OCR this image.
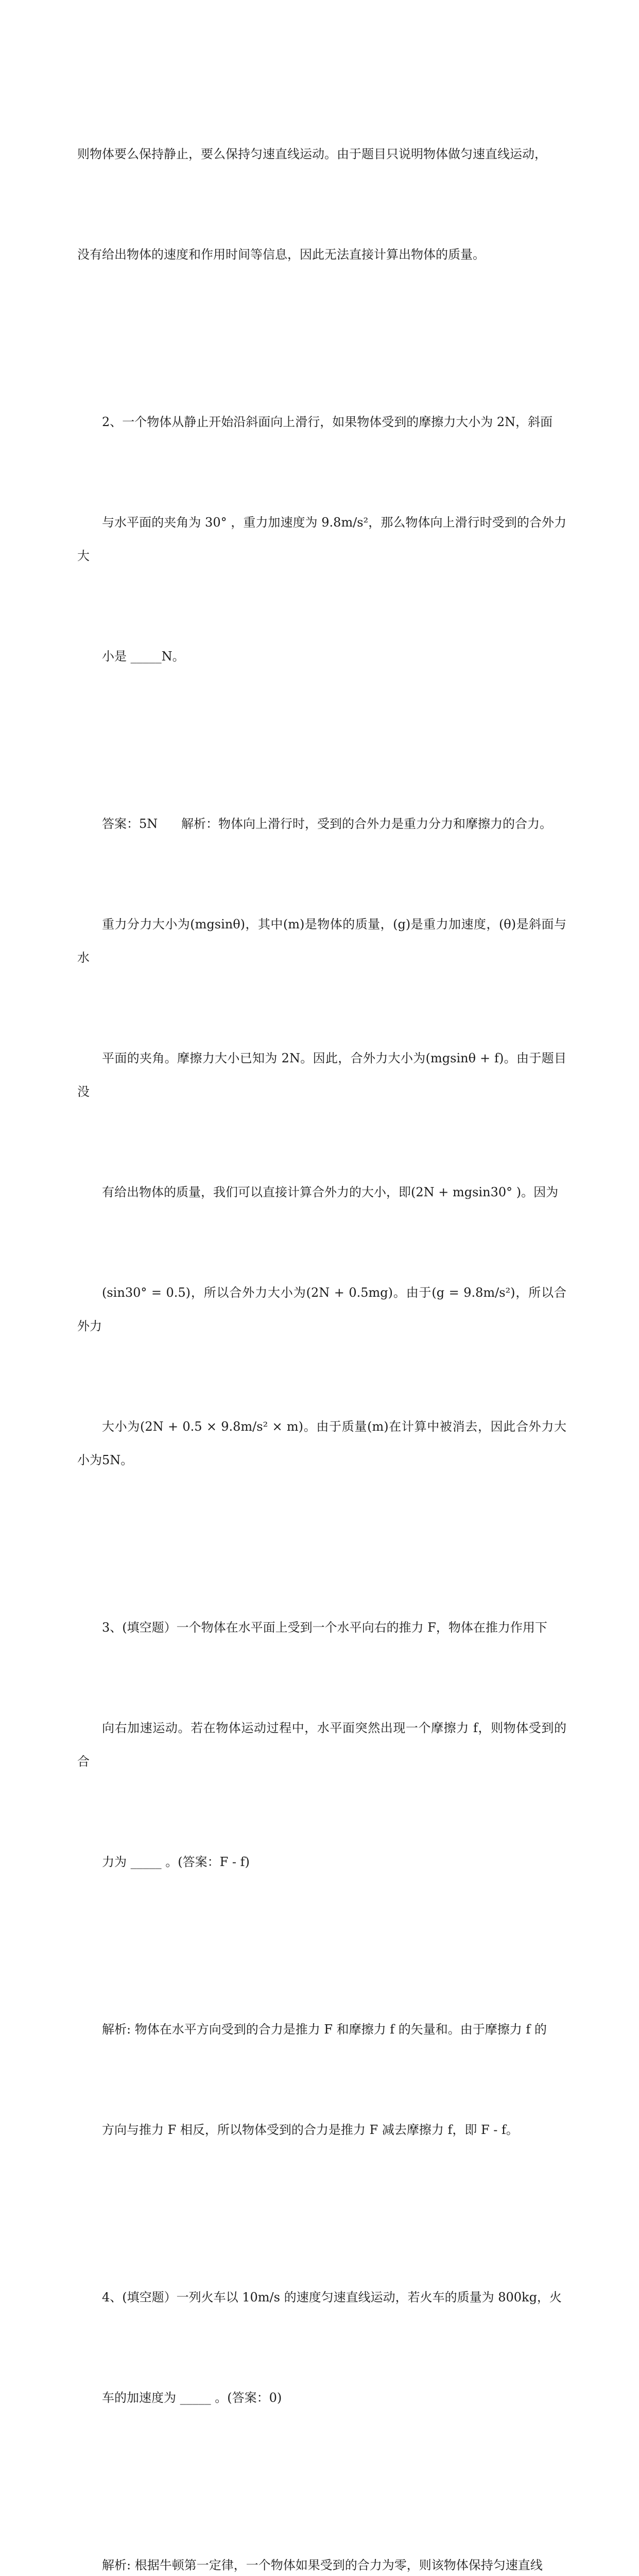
则物体要么保持静止，要么保持匀速直线运动。由于题目只说明物体做匀速直线运动，

没有给出物体的速度和作用时间等信息，因此无法直接计算出物体的质量。

2、一个物体从静止开始沿斜面向上滑行，如果物体受到的摩擦力大小为 2N，斜面

与水平面的夹角为 30° ，重力加速度为 9.8m/s²，那么物体向上滑行时受到的合外力大

小是 _____N。

答案：5N      解析：物体向上滑行时，受到的合外力是重力分力和摩擦力的合力。

重力分力大小为(mgsinθ)，其中(m)是物体的质量，(g)是重力加速度，(θ)是斜面与水

平面的夹角。摩擦力大小已知为 2N。因此，合外力大小为(mgsinθ + f)。由于题目没

有给出物体的质量，我们可以直接计算合外力的大小，即(2N + mgsin30° )。因为

(sin30° = 0.5)，所以合外力大小为(2N + 0.5mg)。由于(g = 9.8m/s²)，所以合外力

大小为(2N + 0.5 × 9.8m/s² × m)。由于质量(m)在计算中被消去，因此合外力大小为5N。

3、(填空题）一个物体在水平面上受到一个水平向右的推力 F，物体在推力作用下

向右加速运动。若在物体运动过程中，水平面突然出现一个摩擦力 f，则物体受到的合

力为 _____ 。(答案：F - f)

解析: 物体在水平方向受到的合力是推力 F 和摩擦力 f 的矢量和。由于摩擦力 f 的

方向与推力 F 相反，所以物体受到的合力是推力 F 减去摩擦力 f，即 F - f。

4、(填空题）一列火车以 10m/s 的速度匀速直线运动，若火车的质量为 800kg，火

车的加速度为 _____ 。(答案：0)

解析: 根据牛顿第一定律，一个物体如果受到的合力为零，则该物体保持匀速直线
